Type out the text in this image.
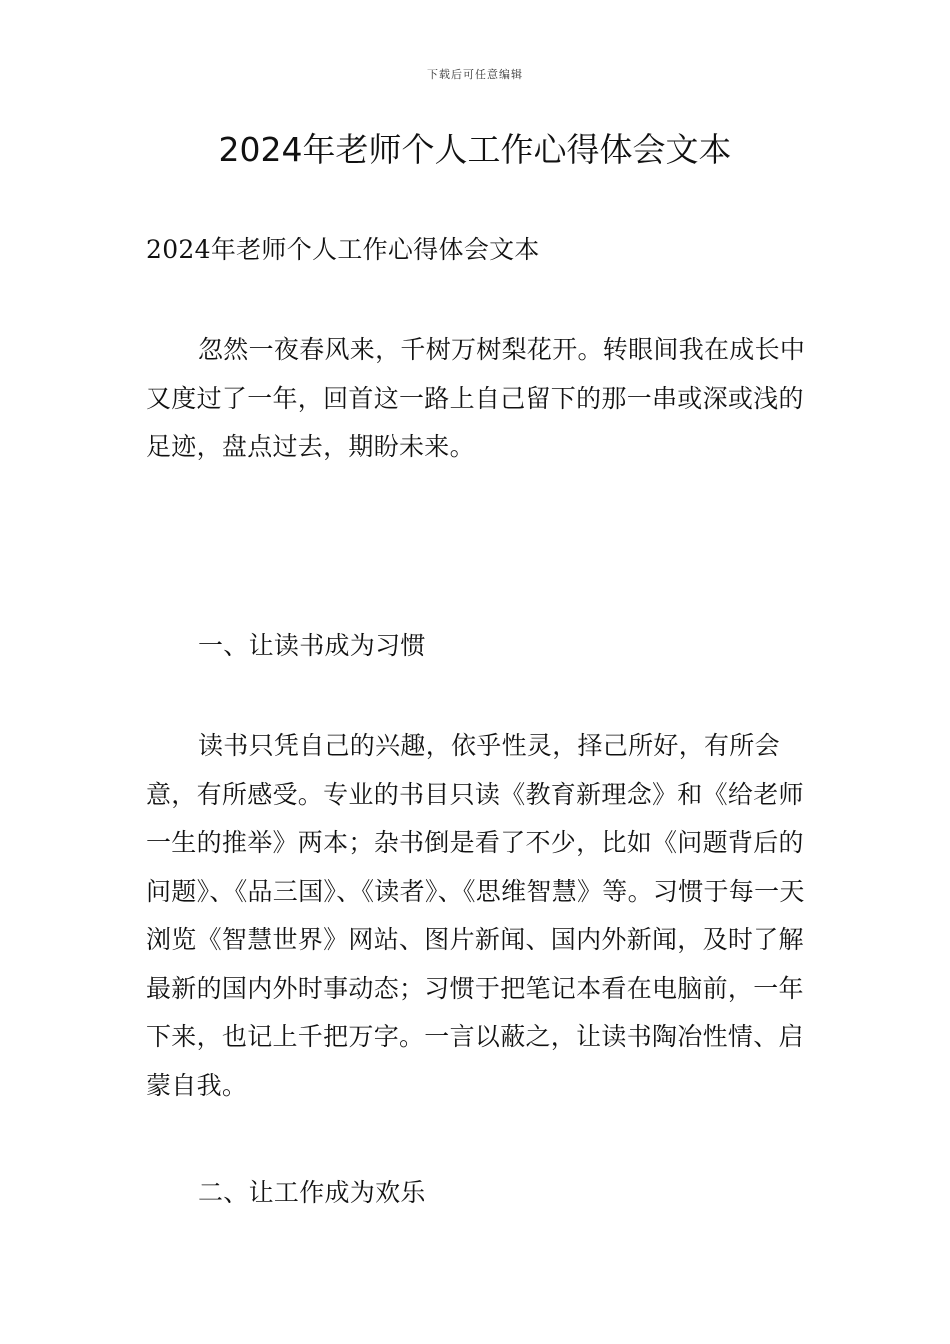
下载后可任意编辑
2024年老师个人工作心得体会文本

2024年老师个人工作心得体会文本

忽然一夜春风来，千树万树梨花开。转眼间我在成长中又度过了一年，回首这一路上自己留下的那一串或深或浅的足迹，盘点过去，期盼未来。

一、让读书成为习惯

读书只凭自己的兴趣，依乎性灵，择己所好，有所会意，有所感受。专业的书目只读《教育新理念》和《给老师一生的推举》两本；杂书倒是看了不少，比如《问题背后的问题》、《品三国》、《读者》、《思维智慧》等。习惯于每一天浏览《智慧世界》网站、图片新闻、国内外新闻，及时了解最新的国内外时事动态；习惯于把笔记本看在电脑前，一年下来，也记上千把万字。一言以蔽之，让读书陶冶性情、启蒙自我。

二、让工作成为欢乐
